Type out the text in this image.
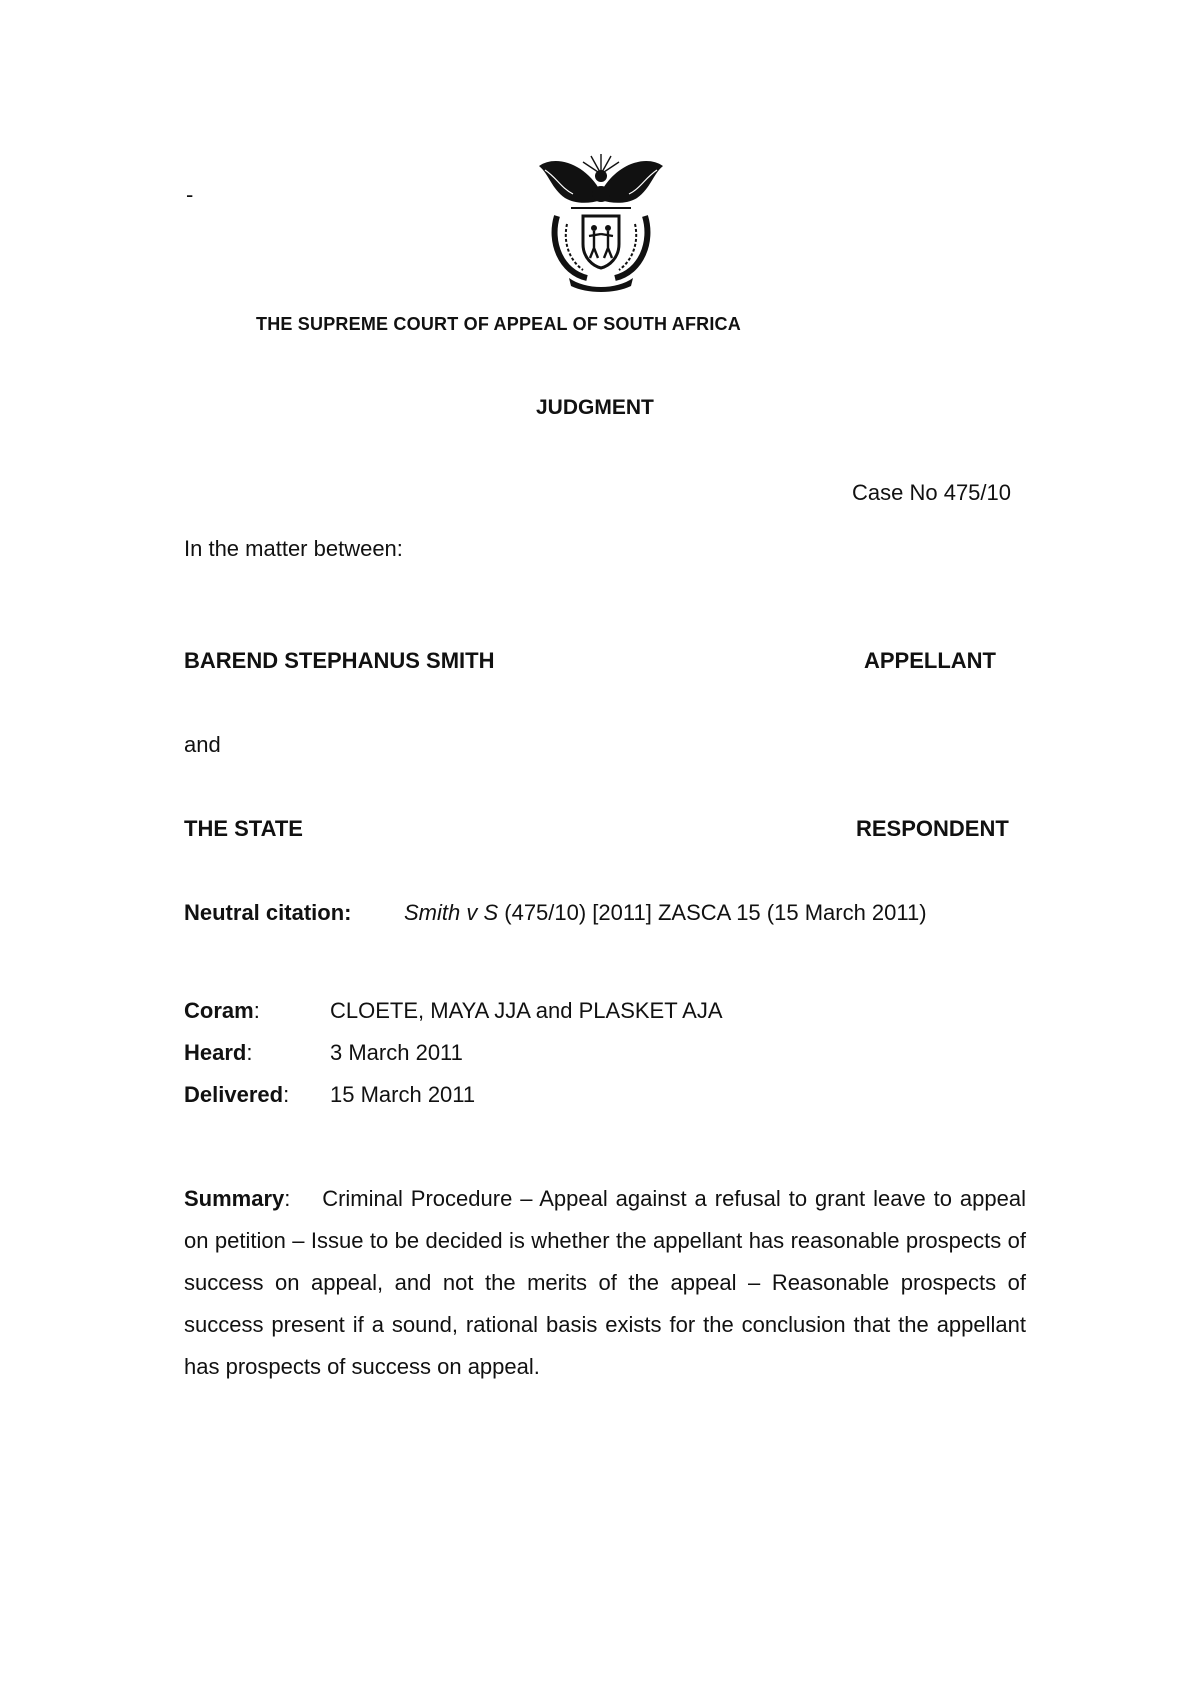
-
THE SUPREME COURT OF APPEAL OF SOUTH AFRICA
JUDGMENT
Case No 475/10
In the matter between:
BAREND STEPHANUS SMITH	APPELLANT
and
THE STATE	RESPONDENT
Neutral citation: Smith v S (475/10) [2011] ZASCA 15 (15 March 2011)
Coram:	CLOETE, MAYA JJA and PLASKET AJA
Heard:	3 March 2011
Delivered: 15 March 2011
Summary:    Criminal Procedure – Appeal against a refusal to grant leave to appeal on petition – Issue to be decided is whether the appellant has reasonable prospects of success on appeal, and not the merits of the appeal – Reasonable prospects of success present if a sound, rational basis exists for the conclusion that the appellant has prospects of success on appeal.
